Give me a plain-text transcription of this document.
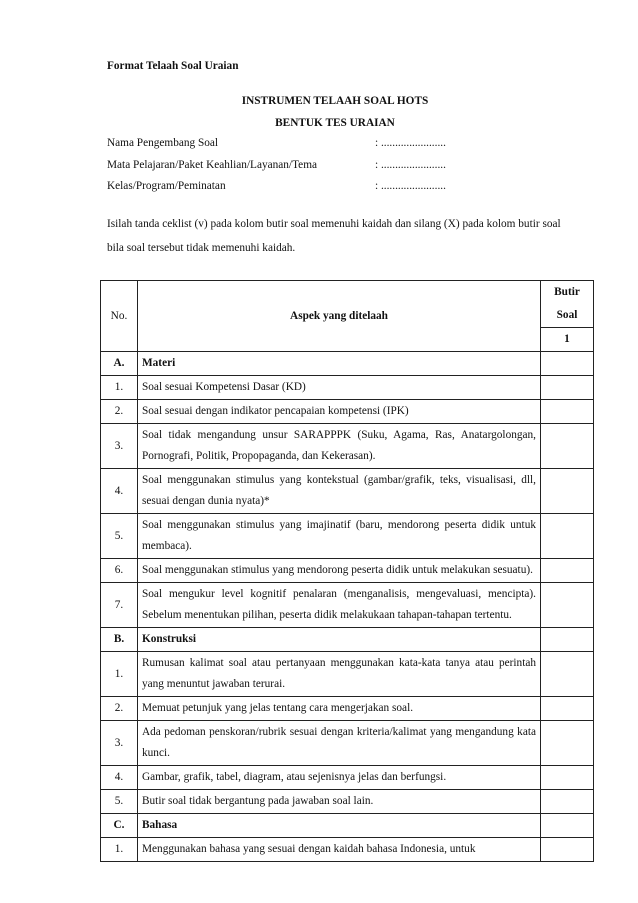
Format Telaah Soal Uraian
INSTRUMEN TELAAH SOAL HOTS
BENTUK TES URAIAN
Nama Pengembang Soal	: .......................
Mata Pelajaran/Paket Keahlian/Layanan/Tema	: .......................
Kelas/Program/Peminatan	: .......................
Isilah tanda ceklist (v) pada kolom butir soal memenuhi kaidah dan silang (X) pada kolom butir soal bila soal tersebut tidak memenuhi kaidah.
No.	Aspek yang ditelaah	Butir
		Soal
		1
A.	Materi	
1.	Soal sesuai Kompetensi Dasar (KD)	
2.	Soal sesuai dengan indikator pencapaian kompetensi (IPK)	
3.	Soal tidak mengandung unsur SARAPPPK (Suku, Agama, Ras, Anatargolongan, Pornografi, Politik, Propopaganda, dan Kekerasan).	
4.	Soal menggunakan stimulus yang kontekstual (gambar/grafik, teks, visualisasi, dll, sesuai dengan dunia nyata)*	
5.	Soal menggunakan stimulus yang imajinatif (baru, mendorong peserta didik untuk membaca).	
6.	Soal menggunakan stimulus yang mendorong peserta didik untuk melakukan sesuatu).	
7.	Soal mengukur level kognitif penalaran (menganalisis, mengevaluasi, mencipta). Sebelum menentukan pilihan, peserta didik melakukaan tahapan-tahapan tertentu.	
B.	Konstruksi	
1.	Rumusan kalimat soal atau pertanyaan menggunakan kata-kata tanya atau perintah yang menuntut jawaban terurai.	
2.	Memuat petunjuk yang jelas tentang cara mengerjakan soal.	
3.	Ada pedoman penskoran/rubrik sesuai dengan kriteria/kalimat yang mengandung kata kunci.	
4.	Gambar, grafik, tabel, diagram, atau sejenisnya jelas dan berfungsi.	
5.	Butir soal tidak bergantung pada jawaban soal lain.	
C.	Bahasa	
1.	Menggunakan bahasa yang sesuai dengan kaidah bahasa Indonesia, untuk	
